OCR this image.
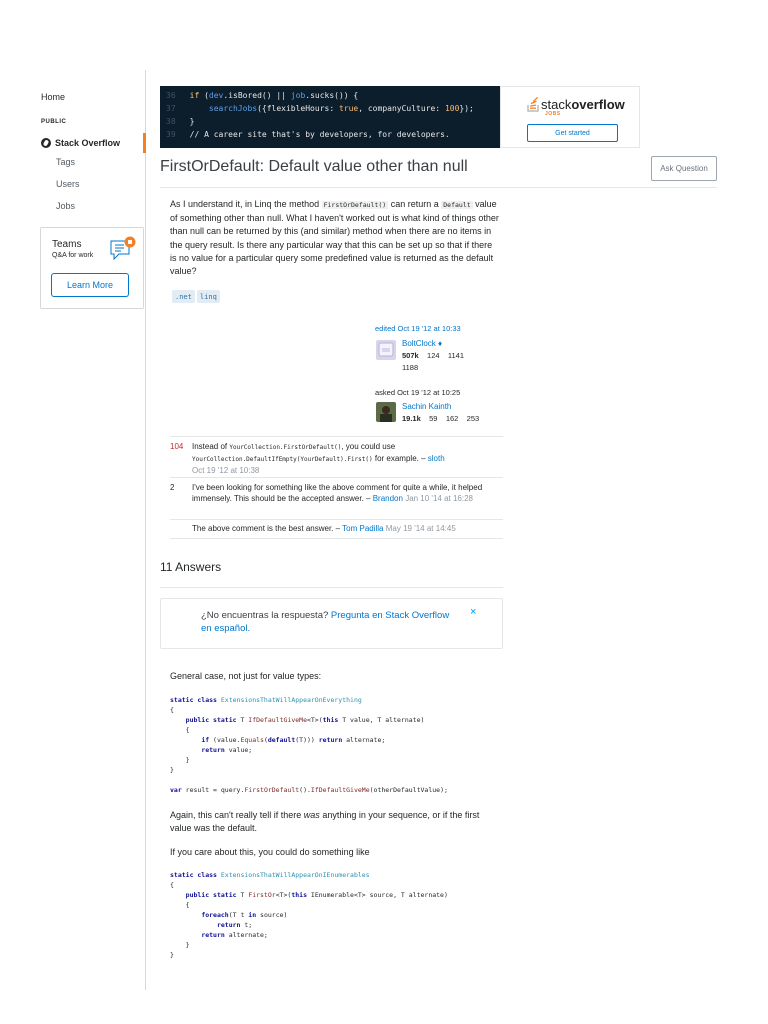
Home
PUBLIC
Stack Overflow
Tags
Users
Jobs
Teams
Q&A for work
Learn More
36 if (dev.isBored() || job.sucks()) {
37	searchJobs({flexibleHours: true, companyCulture: 100});
38 }
39 // A career site that's by developers, for developers.
stack overflow
JOBS
Get started
FirstOrDefault: Default value other than null	Ask Question
As I understand it, in Linq the method FirstOrDefault() can return a Default value of something other than null. What I haven't worked out is what kind of things other than null can be returned by this (and similar) method when there are no items in the query result. Is there any particular way that this can be set up so that if there is no value for a particular query some predefined value is returned as the default value?
.net	linq
edited Oct 19 '12 at 10:33
BoltClock ♦
507k 124 1141
1188
asked Oct 19 '12 at 10:25
Sachin Kainth
19.1k 59 162 253
104 Instead of YourCollection.FirstOrDefault(), you could use YourCollection.DefaultIfEmpty(YourDefault).First() for example. – sloth
Oct 19 '12 at 10:38
2 I've been looking for something like the above comment for quite a while, it helped immensely. This should be the accepted answer. – Brandon Jan 10 '14 at 16:28
The above comment is the best answer. – Tom Padilla May 19 '14 at 14:45
11 Answers
¿No encuentras la respuesta? Pregunta en Stack Overflow en español.
×
General case, not just for value types:
static class ExtensionsThatWillAppearOnEverything
{
public static T IfDefaultGiveMe<T>(this T value, T alternate)
{
if (value.Equals(default(T))) return alternate;
return value;
}
}

var result = query.FirstOrDefault().IfDefaultGiveMe(otherDefaultValue);
Again, this can't really tell if there was anything in your sequence, or if the first value was the default.
If you care about this, you could do something like
static class ExtensionsThatWillAppearOnIEnumerables
{
public static T FirstOr<T>(this IEnumerable<T> source, T alternate)
{
foreach(T t in source)
return t;
return alternate;
}
}
